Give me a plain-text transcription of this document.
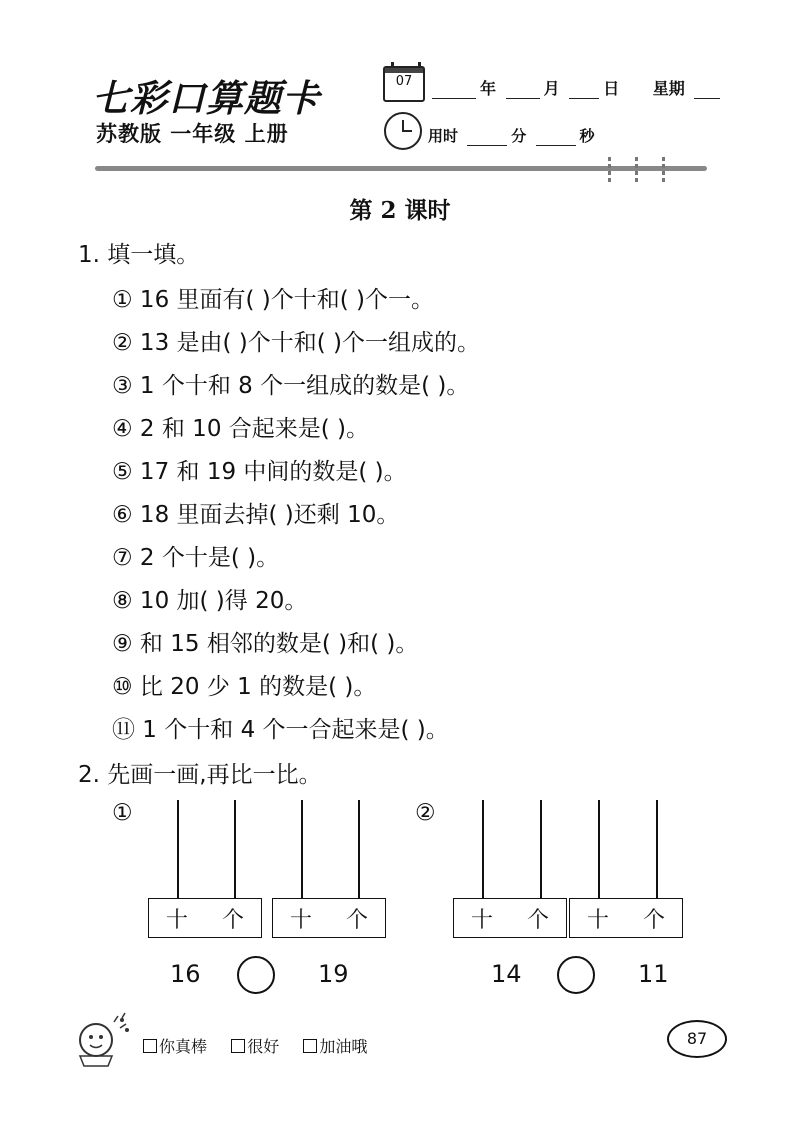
七彩口算题卡
苏教版 一年级 上册
07	年	月	日 星期
用时	分	秒
第 2 课时
1. 填一填。
① 16 里面有( )个十和( )个一。
② 13 是由( )个十和( )个一组成的。
③ 1 个十和 8 个一组成的数是( )。
④ 2 和 10 合起来是( )。
⑤ 17 和 19 中间的数是( )。
⑥ 18 里面去掉( )还剩 10。
⑦ 2 个十是( )。
⑧ 10 加( )得 20。
⑨ 和 15 相邻的数是( )和( )。
⑩ 比 20 少 1 的数是( )。
⑪ 1 个十和 4 个一合起来是( )。
2. 先画一画,再比一比。
①	②
十 个 十 个	十 个 十 个
16	19	14	11
你真棒	很好	加油哦	87
